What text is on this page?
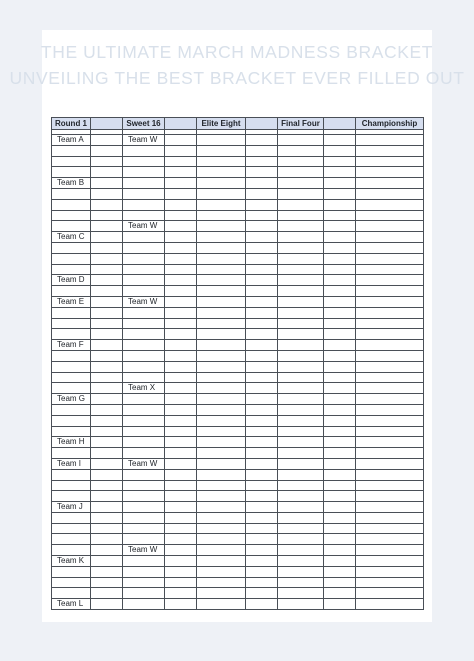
THE ULTIMATE MARCH MADNESS BRACKET
UNVEILING THE BEST BRACKET EVER FILLED OUT
Round 1		Sweet 16		Elite Eight		Final Four		Championship

Team A		Team W						

Team B								

		Team W						
Team C								

Team D								

Team E		Team W						

Team F								

		Team X						
Team G								

Team H								

Team I		Team W						

Team J								

		Team W						
Team K								

Team L								
